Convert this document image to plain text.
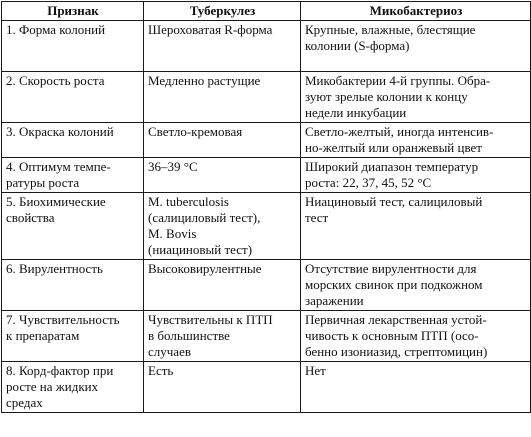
Признак	Туберкулез	Микобактериоз

1. Форма колоний	Шероховатая R-форма	Крупные, влажные, блестящие
колонии (S-форма)

2. Скорость роста	Медленно растущие	Микобактерии 4-й группы. Обра-
зуют зрелые колонии к концу
недели инкубации

3. Окраска колоний	Светло-кремовая	Светло-желтый, иногда интенсив-
но-желтый или оранжевый цвет

4. Оптимум темпе-
ратуры роста	36–39 °C	Широкий диапазон температур
роста: 22, 37, 45, 52 °C

5. Биохимические
свойства	M. tuberculosis
(салициловый тест),
M. Bovis
(ниациновый тест)	Ниациновый тест, салициловый
тест

6. Вирулентность	Высоковирулентные	Отсутствие вирулентности для
морских свинок при подкожном
заражении

7. Чувствительность
к препаратам	Чувствительны к ПТП
в большинстве
случаев	Первичная лекарственная устой-
чивость к основным ПТП (осо-
бенно изониазид, стрептомицин)

8. Корд-фактор при
росте на жидких
средах	Есть	Нет
